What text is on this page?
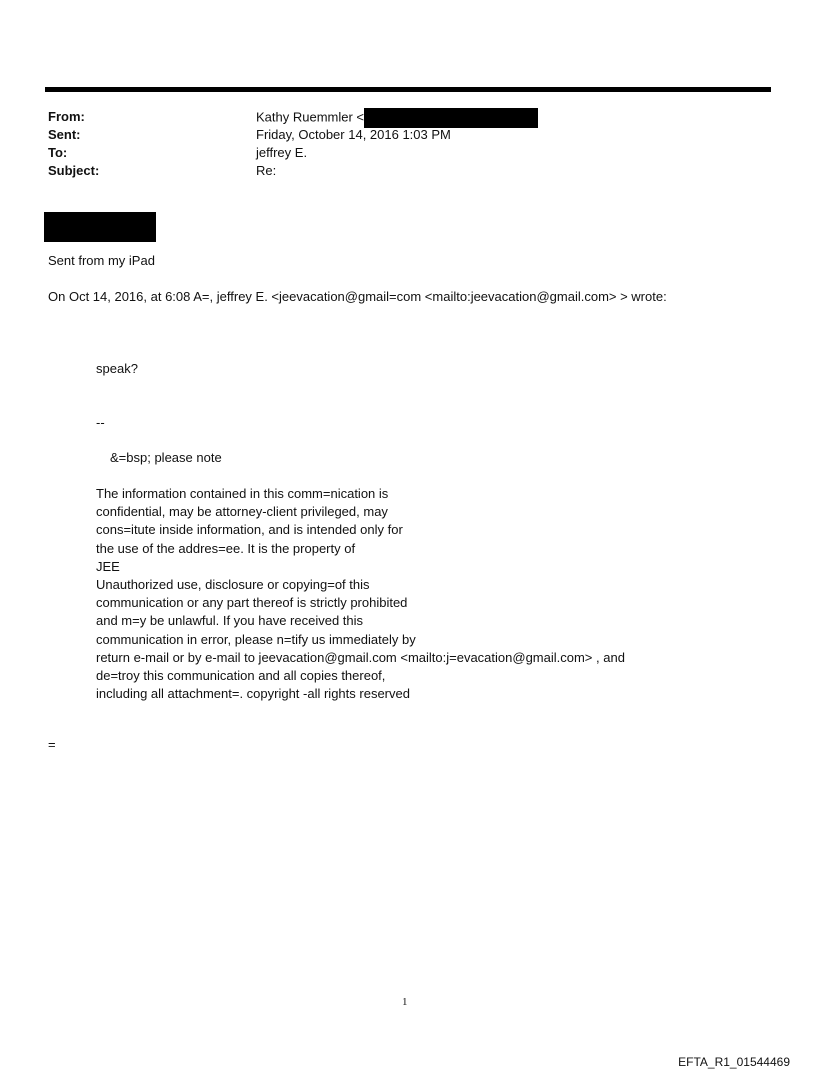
From:	Kathy Ruemmler <
Sent:	Friday, October 14, 2016 1:03 PM
To:	jeffrey E.
Subject:	Re:
Sent from my iPad
On Oct 14, 2016, at 6:08 A=, jeffrey E. <jeevacation@gmail=com <mailto:jeevacation@gmail.com> > wrote:
speak?
--
&=bsp; please note
The information contained in this comm=nication is
confidential, may be attorney-client privileged, may
cons=itute inside information, and is intended only for
the use of the addres=ee. It is the property of
JEE
Unauthorized use, disclosure or copying=of this
communication or any part thereof is strictly prohibited
and m=y be unlawful. If you have received this
communication in error, please n=tify us immediately by
return e-mail or by e-mail to jeevacation@gmail.com <mailto:j=evacation@gmail.com> , and
de=troy this communication and all copies thereof,
including all attachment=. copyright -all rights reserved
=
1
EFTA_R1_01544469
